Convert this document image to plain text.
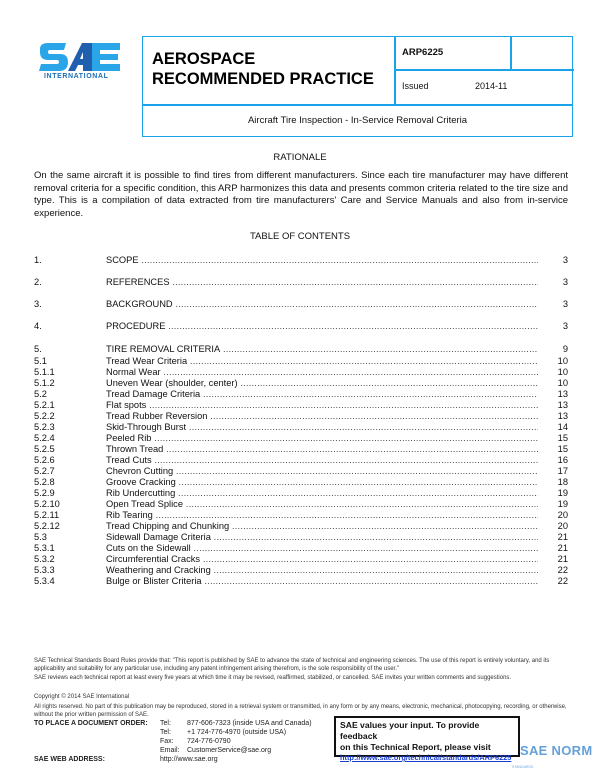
INTERNATIONAL
AEROSPACE
RECOMMENDED PRACTICE
ARP6225
Issued	2014-11
Aircraft Tire Inspection - In-Service Removal Criteria
RATIONALE
On the same aircraft it is possible to find tires from different manufacturers. Since each tire manufacturer may have different removal criteria for a specific condition, this ARP harmonizes this data and presents common criteria related to the tire size and type. This is a compilation of data extracted from tire manufacturers' Care and Service Manuals and also from in-service experience.
TABLE OF CONTENTS
1.	SCOPE .....	3
2.	REFERENCES .....	3
3.	BACKGROUND .....	3
4.	PROCEDURE .....	3
5.	TIRE REMOVAL CRITERIA .....	9
5.1	Tread Wear Criteria .....	10
5.1.1	Normal Wear .....	10
5.1.2	Uneven Wear (shoulder, center) .....	10
5.2	Tread Damage Criteria .....	13
5.2.1	Flat spots .....	13
5.2.2	Tread Rubber Reversion .....	13
5.2.3	Skid-Through Burst .....	14
5.2.4	Peeled Rib .....	15
5.2.5	Thrown Tread .....	15
5.2.6	Tread Cuts .....	16
5.2.7	Chevron Cutting .....	17
5.2.8	Groove Cracking .....	18
5.2.9	Rib Undercutting .....	19
5.2.10	Open Tread Splice .....	19
5.2.11	Rib Tearing .....	20
5.2.12	Tread Chipping and Chunking .....	20
5.3	Sidewall Damage Criteria .....	21
5.3.1	Cuts on the Sidewall .....	21
5.3.2	Circumferential Cracks .....	21
5.3.3	Weathering and Cracking .....	22
5.3.4	Bulge or Blister Criteria .....	22
SAE Technical Standards Board Rules provide that: "This report is published by SAE to advance the state of technical and engineering sciences. The use of this report is entirely voluntary, and its applicability and suitability for any particular use, including any patent infringement arising therefrom, is the sole responsibility of the user."
SAE reviews each technical report at least every five years at which time it may be revised, reaffirmed, stabilized, or cancelled. SAE invites your written comments and suggestions.
Copyright © 2014 SAE International
All rights reserved. No part of this publication may be reproduced, stored in a retrieval system or transmitted, in any form or by any means, electronic, mechanical, photocopying, recording, or otherwise, without the prior written permission of SAE.
TO PLACE A DOCUMENT ORDER:
SAE WEB ADDRESS:
Tel: 877-606-7323 (inside USA and Canada)
Tel: +1 724-776-4970 (outside USA)
Fax: 724-776-0790
Email: CustomerService@sae.org
http://www.sae.org
SAE values your input. To provide feedback
on this Technical Report, please visit
http://www.sae.org/technical/standards/ARP6225 SAE NORM
STANDARDS
